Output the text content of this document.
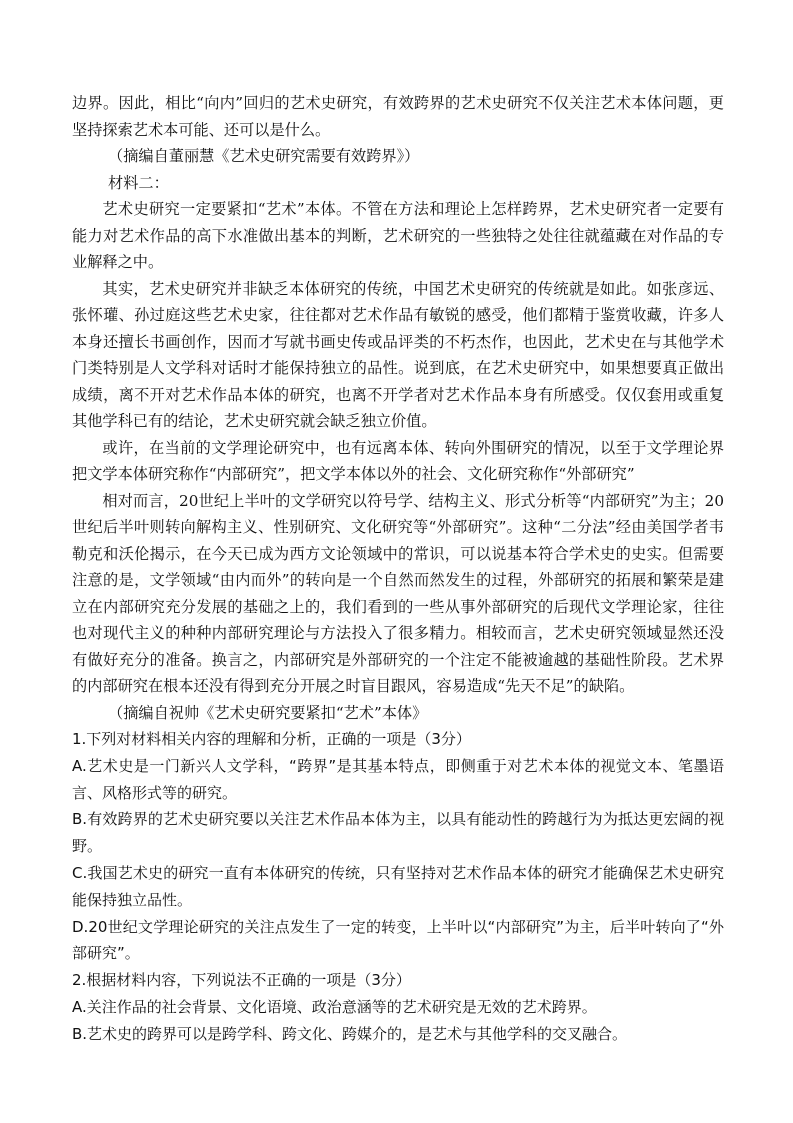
边界。因此，相比“向内”回归的艺术史研究，有效跨界的艺术史研究不仅关注艺术本体问题，更坚持探索艺术本可能、还可以是什么。

（摘编自董丽慧《艺术史研究需要有效跨界》）

材料二：

艺术史研究一定要紧扣“艺术”本体。不管在方法和理论上怎样跨界，艺术史研究者一定要有能力对艺术作品的高下水准做出基本的判断，艺术研究的一些独特之处往往就蕴藏在对作品的专业解释之中。

其实，艺术史研究并非缺乏本体研究的传统，中国艺术史研究的传统就是如此。如张彦远、张怀瓘、孙过庭这些艺术史家，往往都对艺术作品有敏锐的感受，他们都精于鉴赏收藏，许多人本身还擅长书画创作，因而才写就书画史传或品评类的不朽杰作，也因此，艺术史在与其他学术门类特别是人文学科对话时才能保持独立的品性。说到底，在艺术史研究中，如果想要真正做出成绩，离不开对艺术作品本体的研究，也离不开学者对艺术作品本身有所感受。仅仅套用或重复其他学科已有的结论，艺术史研究就会缺乏独立价值。

或许，在当前的文学理论研究中，也有远离本体、转向外围研究的情况，以至于文学理论界把文学本体研究称作“内部研究”，把文学本体以外的社会、文化研究称作“外部研究”

相对而言，20世纪上半叶的文学研究以符号学、结构主义、形式分析等“内部研究”为主；20世纪后半叶则转向解构主义、性别研究、文化研究等“外部研究”。这种“二分法”经由美国学者韦勒克和沃伦揭示，在今天已成为西方文论领域中的常识，可以说基本符合学术史的史实。但需要注意的是，文学领域“由内而外”的转向是一个自然而然发生的过程，外部研究的拓展和繁荣是建立在内部研究充分发展的基础之上的，我们看到的一些从事外部研究的后现代文学理论家，往往也对现代主义的种种内部研究理论与方法投入了很多精力。相较而言，艺术史研究领域显然还没有做好充分的准备。换言之，内部研究是外部研究的一个注定不能被逾越的基础性阶段。艺术界的内部研究在根本还没有得到充分开展之时盲目跟风，容易造成“先天不足”的缺陷。

（摘编自祝帅《艺术史研究要紧扣“艺术”本体》

1.下列对材料相关内容的理解和分析，正确的一项是（3分）

A.艺术史是一门新兴人文学科，“跨界”是其基本特点，即侧重于对艺术本体的视觉文本、笔墨语言、风格形式等的研究。

B.有效跨界的艺术史研究要以关注艺术作品本体为主，以具有能动性的跨越行为为抵达更宏阔的视野。

C.我国艺术史的研究一直有本体研究的传统，只有坚持对艺术作品本体的研究才能确保艺术史研究能保持独立品性。

D.20世纪文学理论研究的关注点发生了一定的转变，上半叶以“内部研究”为主，后半叶转向了“外部研究”。

2.根据材料内容，下列说法不正确的一项是（3分）

A.关注作品的社会背景、文化语境、政治意涵等的艺术研究是无效的艺术跨界。

B.艺术史的跨界可以是跨学科、跨文化、跨媒介的，是艺术与其他学科的交叉融合。
